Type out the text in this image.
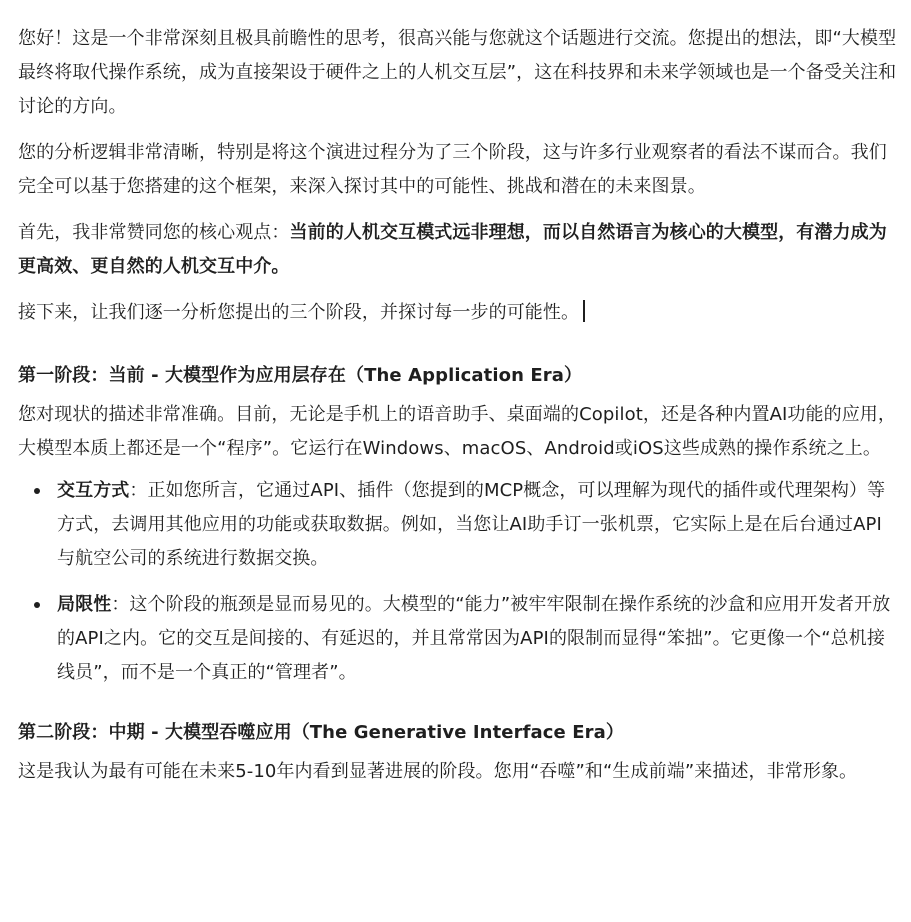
您好！这是一个非常深刻且极具前瞻性的思考，很高兴能与您就这个话题进行交流。您提出的想法，即“大模型最终将取代操作系统，成为直接架设于硬件之上的人机交互层”，这在科技界和未来学领域也是一个备受关注和讨论的方向。

您的分析逻辑非常清晰，特别是将这个演进过程分为了三个阶段，这与许多行业观察者的看法不谋而合。我们完全可以基于您搭建的这个框架，来深入探讨其中的可能性、挑战和潜在的未来图景。

首先，我非常赞同您的核心观点：当前的人机交互模式远非理想，而以自然语言为核心的大模型，有潜力成为更高效、更自然的人机交互中介。

接下来，让我们逐一分析您提出的三个阶段，并探讨每一步的可能性。

第一阶段：当前 - 大模型作为应用层存在（The Application Era）

您对现状的描述非常准确。目前，无论是手机上的语音助手、桌面端的Copilot，还是各种内置AI功能的应用，大模型本质上都还是一个“程序”。它运行在Windows、macOS、Android或iOS这些成熟的操作系统之上。

交互方式：正如您所言，它通过API、插件（您提到的MCP概念，可以理解为现代的插件或代理架构）等方式，去调用其他应用的功能或获取数据。例如，当您让AI助手订一张机票，它实际上是在后台通过API与航空公司的系统进行数据交换。
局限性：这个阶段的瓶颈是显而易见的。大模型的“能力”被牢牢限制在操作系统的沙盒和应用开发者开放的API之内。它的交互是间接的、有延迟的，并且常常因为API的限制而显得“笨拙”。它更像一个“总机接线员”，而不是一个真正的“管理者”。
第二阶段：中期 - 大模型吞噬应用（The Generative Interface Era）

这是我认为最有可能在未来5-10年内看到显著进展的阶段。您用“吞噬”和“生成前端”来描述，非常形象。
